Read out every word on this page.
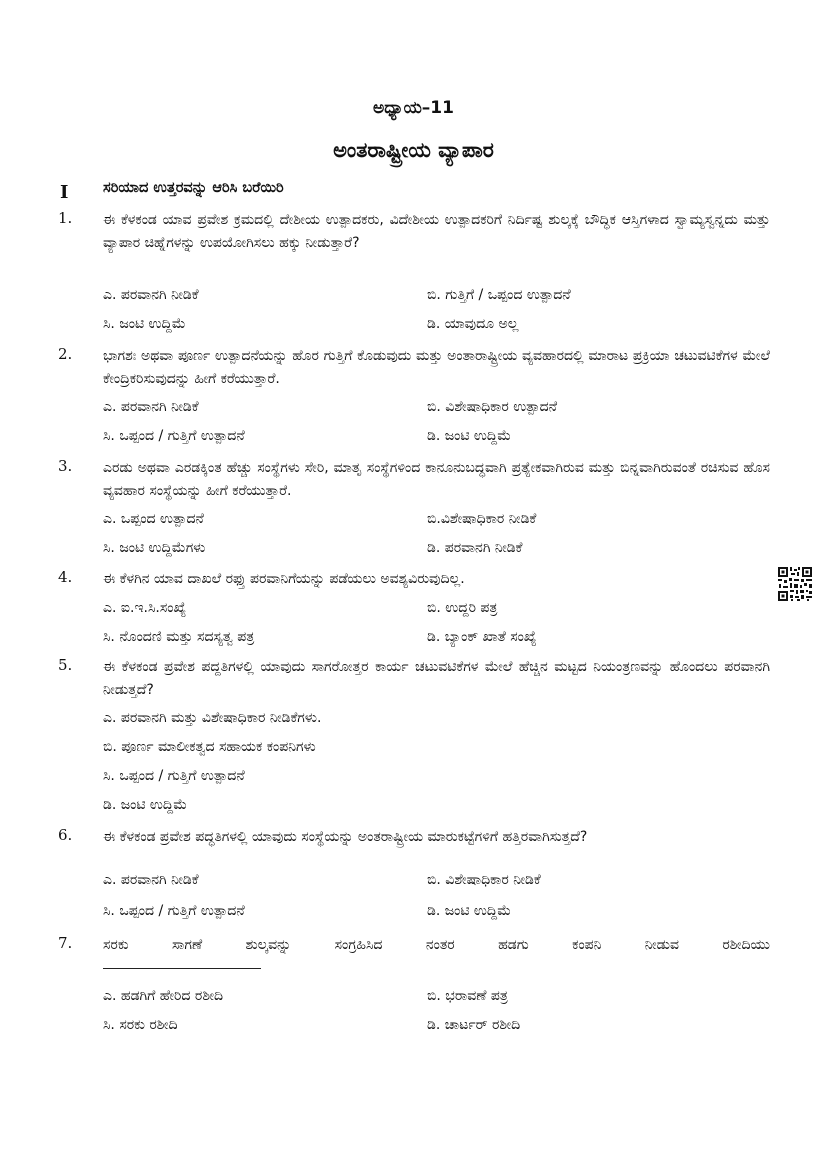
ಅಧ್ಯಾಯ–11
ಅಂತರಾಷ್ಟ್ರೀಯ ವ್ಯಾಪಾರ
I ಸರಿಯಾದ ಉತ್ತರವನ್ನು ಆರಿಸಿ ಬರೆಯಿರಿ
1. ಈ ಕೆಳಕಂಡ ಯಾವ ಪ್ರವೇಶ ಕ್ರಮದಲ್ಲಿ ದೇಶೀಯ ಉತ್ಪಾದಕರು, ವಿದೇಶೀಯ ಉತ್ಪಾದಕರಿಗೆ ನಿರ್ದಿಷ್ಟ ಶುಲ್ಕಕ್ಕೆ ಬೌದ್ಧಿಕ ಆಸ್ತಿಗಳಾದ ಸ್ವಾಮ್ಯಸ್ವನ್ನದು ಮತ್ತು ವ್ಯಾಪಾರ ಚಿಹ್ನೆಗಳನ್ನು ಉಪಯೋಗಿಸಲು ಹಕ್ಕು ನೀಡುತ್ತಾರೆ?
ಎ. ಪರವಾನಗಿ ನೀಡಿಕೆ	ಬಿ. ಗುತ್ತಿಗೆ / ಒಪ್ಪಂದ ಉತ್ಪಾದನೆ
ಸಿ. ಜಂಟಿ ಉದ್ದಿಮೆ	ಡಿ. ಯಾವುದೂ ಅಲ್ಲ
2. ಭಾಗಶಃ ಅಥವಾ ಪೂರ್ಣ ಉತ್ಪಾದನೆಯನ್ನು ಹೊರ ಗುತ್ತಿಗೆ ಕೊಡುವುದು ಮತ್ತು ಅಂತಾರಾಷ್ಟ್ರೀಯ ವ್ಯವಹಾರದಲ್ಲಿ ಮಾರಾಟ ಪ್ರಕ್ರಿಯಾ ಚಟುವಟಿಕೆಗಳ ಮೇಲೆ ಕೇಂದ್ರಿಕರಿಸುವುದನ್ನು ಹೀಗೆ ಕರೆಯುತ್ತಾರೆ.
ಎ. ಪರವಾನಗಿ ನೀಡಿಕೆ	ಬಿ. ವಿಶೇಷಾಧಿಕಾರ ಉತ್ಪಾದನೆ
ಸಿ. ಒಪ್ಪಂದ / ಗುತ್ತಿಗೆ ಉತ್ಪಾದನೆ	ಡಿ. ಜಂಟಿ ಉದ್ದಿಮೆ
3. ಎರಡು ಅಥವಾ ಎರಡಕ್ಕಿಂತ ಹೆಚ್ಚು ಸಂಸ್ಥೆಗಳು ಸೇರಿ, ಮಾತೃ ಸಂಸ್ಥೆಗಳಿಂದ ಕಾನೂನುಬದ್ಧವಾಗಿ ಪ್ರತ್ಯೇಕವಾಗಿರುವ ಮತ್ತು ಬಿನ್ನವಾಗಿರುವಂತೆ ರಚಿಸುವ ಹೊಸ ವ್ಯವಹಾರ ಸಂಸ್ಥೆಯನ್ನು ಹೀಗೆ ಕರೆಯುತ್ತಾರೆ.
ಎ. ಒಪ್ಪಂದ ಉತ್ಪಾದನೆ	ಬಿ.ವಿಶೇಷಾಧಿಕಾರ ನೀಡಿಕೆ
ಸಿ. ಜಂಟಿ ಉದ್ದಿಮೆಗಳು	ಡಿ. ಪರವಾನಗಿ ನೀಡಿಕೆ
4. ಈ ಕೆಳಗಿನ ಯಾವ ದಾಖಲೆ ರಫ್ತು ಪರವಾನಿಗೆಯನ್ನು ಪಡೆಯಲು ಅವಶ್ಯವಿರುವುದಿಲ್ಲ.
ಎ. ಐ.ಇ.ಸಿ.ಸಂಖ್ಯೆ	ಬಿ. ಉದ್ದರಿ ಪತ್ರ
ಸಿ. ನೊಂದಣಿ ಮತ್ತು ಸದಸ್ಯತ್ವ ಪತ್ರ	ಡಿ. ಬ್ಯಾಂಕ್ ಖಾತೆ ಸಂಖ್ಯೆ
5. ಈ ಕೆಳಕಂಡ ಪ್ರವೇಶ ಪದ್ದತಿಗಳಲ್ಲಿ ಯಾವುದು ಸಾಗರೋತ್ತರ ಕಾರ್ಯ ಚಟುವಟಿಕೆಗಳ ಮೇಲೆ ಹೆಚ್ಚಿನ ಮಟ್ಟದ ನಿಯಂತ್ರಣವನ್ನು ಹೊಂದಲು ಪರವಾನಗಿ ನೀಡುತ್ತದೆ?
ಎ. ಪರವಾನಗಿ ಮತ್ತು ವಿಶೇಷಾಧಿಕಾರ ನೀಡಿಕೆಗಳು.
ಬಿ. ಪೂರ್ಣ ಮಾಲೀಕತ್ವದ ಸಹಾಯಕ ಕಂಪನಿಗಳು
ಸಿ. ಒಪ್ಪಂದ / ಗುತ್ತಿಗೆ ಉತ್ಪಾದನೆ
ಡಿ. ಜಂಟಿ ಉದ್ದಿಮೆ
6. ಈ ಕೆಳಕಂಡ ಪ್ರವೇಶ ಪದ್ಧತಿಗಳಲ್ಲಿ ಯಾವುದು ಸಂಸ್ಥೆಯನ್ನು ಅಂತರಾಷ್ಟ್ರೀಯ ಮಾರುಕಟ್ಟೆಗಳಿಗೆ ಹತ್ತಿರವಾಗಿಸುತ್ತದೆ?
ಎ. ಪರವಾನಗಿ ನೀಡಿಕೆ	ಬಿ. ವಿಶೇಷಾಧಿಕಾರ ನೀಡಿಕೆ
ಸಿ. ಒಪ್ಪಂದ / ಗುತ್ತಿಗೆ ಉತ್ಪಾದನೆ	ಡಿ. ಜಂಟಿ ಉದ್ದಿಮೆ
7. ಸರಕು ಸಾಗಣೆ ಶುಲ್ಕವನ್ನು ಸಂಗ್ರಹಿಸಿದ ನಂತರ ಹಡಗು ಕಂಪನಿ ನೀಡುವ ರಶೀದಿಯು
ಎ. ಹಡಗಿಗೆ ಹೇರಿದ ರಶೀದಿ	ಬಿ. ಭರಾವಣೆ ಪತ್ರ
ಸಿ. ಸರಕು ರಶೀದಿ	ಡಿ. ಚಾರ್ಟರ್ ರಶೀದಿ
